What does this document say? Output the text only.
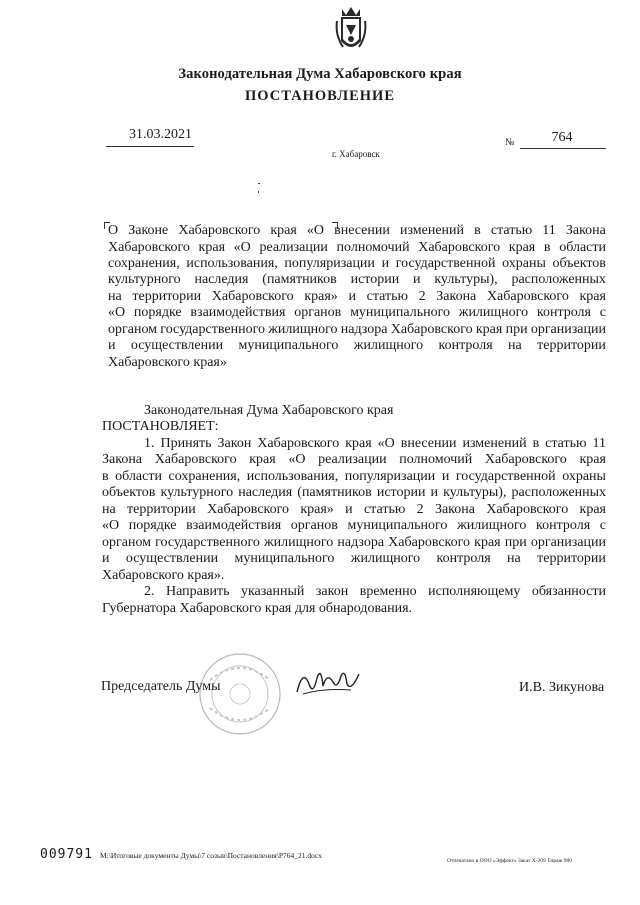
Законодательная Дума Хабаровского края
ПОСТАНОВЛЕНИЕ
31.03.2021
г. Хабаровск
№	764
О Законе Хабаровского края «О внесении изменений в статью 11 Закона
Хабаровского края «О реализации полномочий Хабаровского края в области
сохранения, использования, популяризации и государственной охраны объектов
культурного наследия (памятников истории и культуры), расположенных
на территории Хабаровского края» и статью 2 Закона Хабаровского края
«О порядке взаимодействия органов муниципального жилищного контроля с
органом государственного жилищного надзора Хабаровского края при организации
и осуществлении муниципального жилищного контроля на территории
Хабаровского края»
Законодательная Дума Хабаровского края
ПОСТАНОВЛЯЕТ:
1. Принять Закон Хабаровского края «О внесении изменений в статью 11
Закона Хабаровского края «О реализации полномочий Хабаровского края
в области сохранения, использования, популяризации и государственной охраны
объектов культурного наследия (памятников истории и культуры), расположенных
на территории Хабаровского края» и статью 2 Закона Хабаровского края
«О порядке взаимодействия органов муниципального жилищного контроля с
органом государственного жилищного надзора Хабаровского края при организации
и осуществлении муниципального жилищного контроля на территории
Хабаровского края».
2. Направить указанный закон временно исполняющему обязанности
Губернатора Хабаровского края для обнародования.
Председатель Думы	И.В. Зикунова
009791 M:\Итоговые документы Думы\7 созыв\Постановления\P764_21.docx
Отпечатано в ООО «Эффект» Заказ Х-209 Тираж 900
